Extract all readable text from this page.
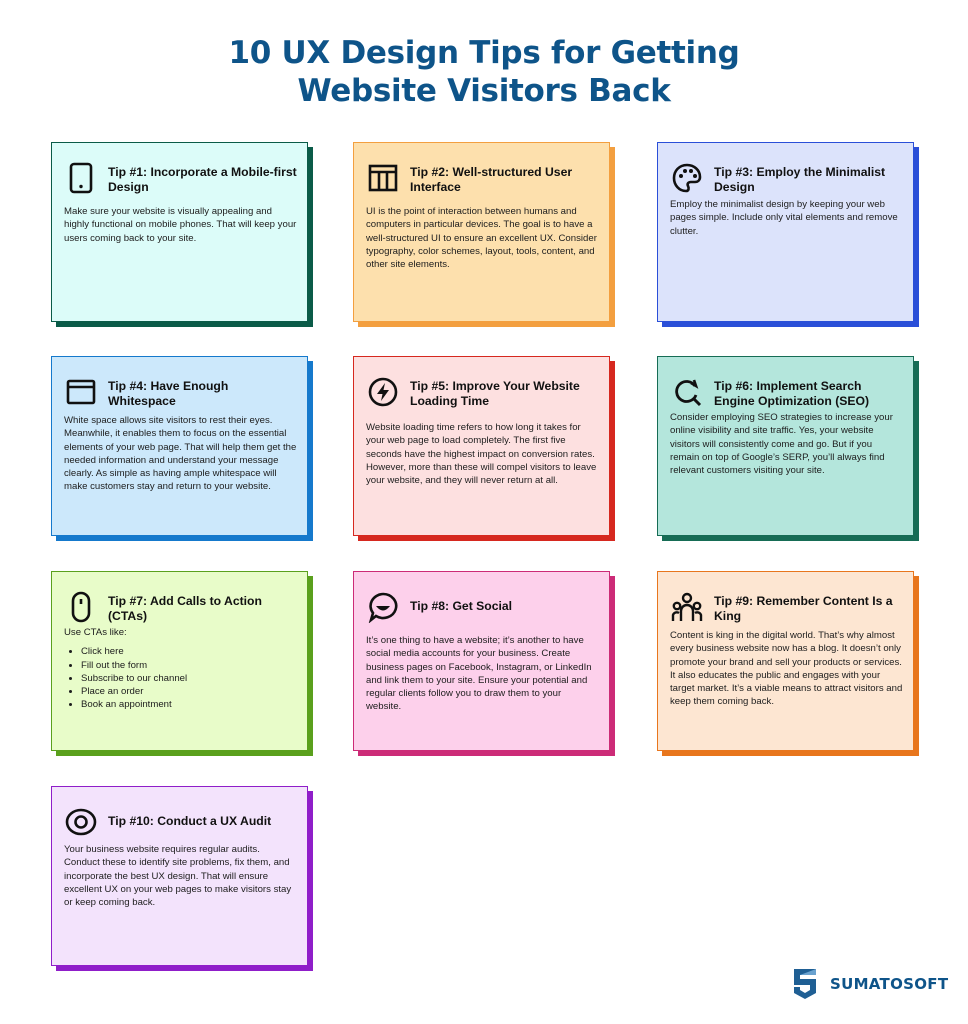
10 UX Design Tips for Getting
Website Visitors Back
Tip #1: Incorporate a Mobile-first Design
Make sure your website is visually appealing and highly functional on mobile phones. That will keep your users coming back to your site.
Tip #2: Well-structured User Interface
UI is the point of interaction between humans and computers in particular devices. The goal is to have a well-structured UI to ensure an excellent UX. Consider typography, color schemes, layout, tools, content, and other site elements.
Tip #3: Employ the Minimalist Design
Employ the minimalist design by keeping your web pages simple. Include only vital elements and remove clutter.
Tip #4: Have Enough Whitespace
White space allows site visitors to rest their eyes. Meanwhile, it enables them to focus on the essential elements of your web page. That will help them get the needed information and understand your message clearly. As simple as having ample whitespace will make customers stay and return to your website.
Tip #5: Improve Your Website Loading Time
Website loading time refers to how long it takes for your web page to load completely. The first five seconds have the highest impact on conversion rates. However, more than these will compel visitors to leave your website, and they will never return at all.
Tip #6: Implement Search Engine Optimization (SEO)
Consider employing SEO strategies to increase your online visibility and site traffic. Yes, your website visitors will consistently come and go. But if you remain on top of Google’s SERP, you’ll always find relevant customers visiting your site.
Tip #7: Add Calls to Action (CTAs)
Use CTAs like:
• Click here
• Fill out the form
• Subscribe to our channel
• Place an order
• Book an appointment
Tip #8: Get Social
It’s one thing to have a website; it’s another to have social media accounts for your business. Create business pages on Facebook, Instagram, or LinkedIn and link them to your site. Ensure your potential and regular clients follow you to draw them to your website.
Tip #9: Remember Content Is a King
Content is king in the digital world. That’s why almost every business website now has a blog. It doesn’t only promote your brand and sell your products or services. It also educates the public and engages with your target market. It’s a viable means to attract visitors and keep them coming back.
Tip #10: Conduct a UX Audit
Your business website requires regular audits. Conduct these to identify site problems, fix them, and incorporate the best UX design. That will ensure excellent UX on your web pages to make visitors stay or keep coming back.
SUMATOSOFT
